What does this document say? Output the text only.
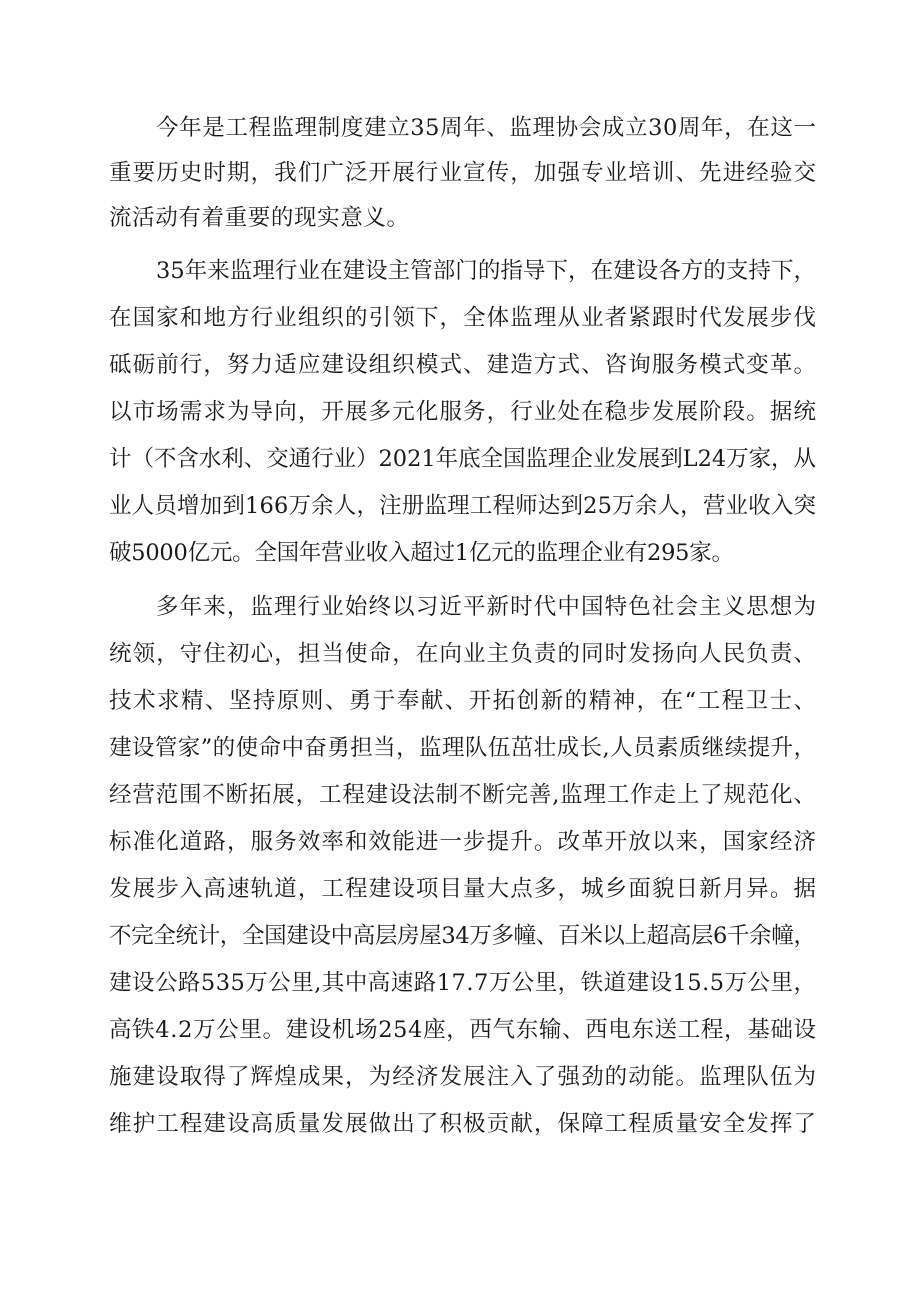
今年是工程监理制度建立35周年、监理协会成立30周年，在这一
重要历史时期，我们广泛开展行业宣传，加强专业培训、先进经验交
流活动有着重要的现实意义。
35年来监理行业在建设主管部门的指导下，在建设各方的支持下，
在国家和地方行业组织的引领下，全体监理从业者紧跟时代发展步伐
砥砺前行，努力适应建设组织模式、建造方式、咨询服务模式变革。
以市场需求为导向，开展多元化服务，行业处在稳步发展阶段。据统
计（不含水利、交通行业）2021年底全国监理企业发展到L24万家，从
业人员增加到166万余人，注册监理工程师达到25万余人，营业收入突
破5000亿元。全国年营业收入超过1亿元的监理企业有295家。
多年来，监理行业始终以习近平新时代中国特色社会主义思想为
统领，守住初心，担当使命，在向业主负责的同时发扬向人民负责、
技术求精、坚持原则、勇于奉献、开拓创新的精神，在“工程卫士、
建设管家”的使命中奋勇担当，监理队伍茁壮成长,人员素质继续提升，
经营范围不断拓展，工程建设法制不断完善,监理工作走上了规范化、
标准化道路，服务效率和效能进一步提升。改革开放以来，国家经济
发展步入高速轨道，工程建设项目量大点多，城乡面貌日新月异。据
不完全统计，全国建设中高层房屋34万多幢、百米以上超高层6千余幢，
建设公路535万公里,其中高速路17.7万公里，铁道建设15.5万公里，
高铁4.2万公里。建设机场254座，西气东输、西电东送工程，基础设
施建设取得了辉煌成果，为经济发展注入了强劲的动能。监理队伍为
维护工程建设高质量发展做出了积极贡献，保障工程质量安全发挥了
